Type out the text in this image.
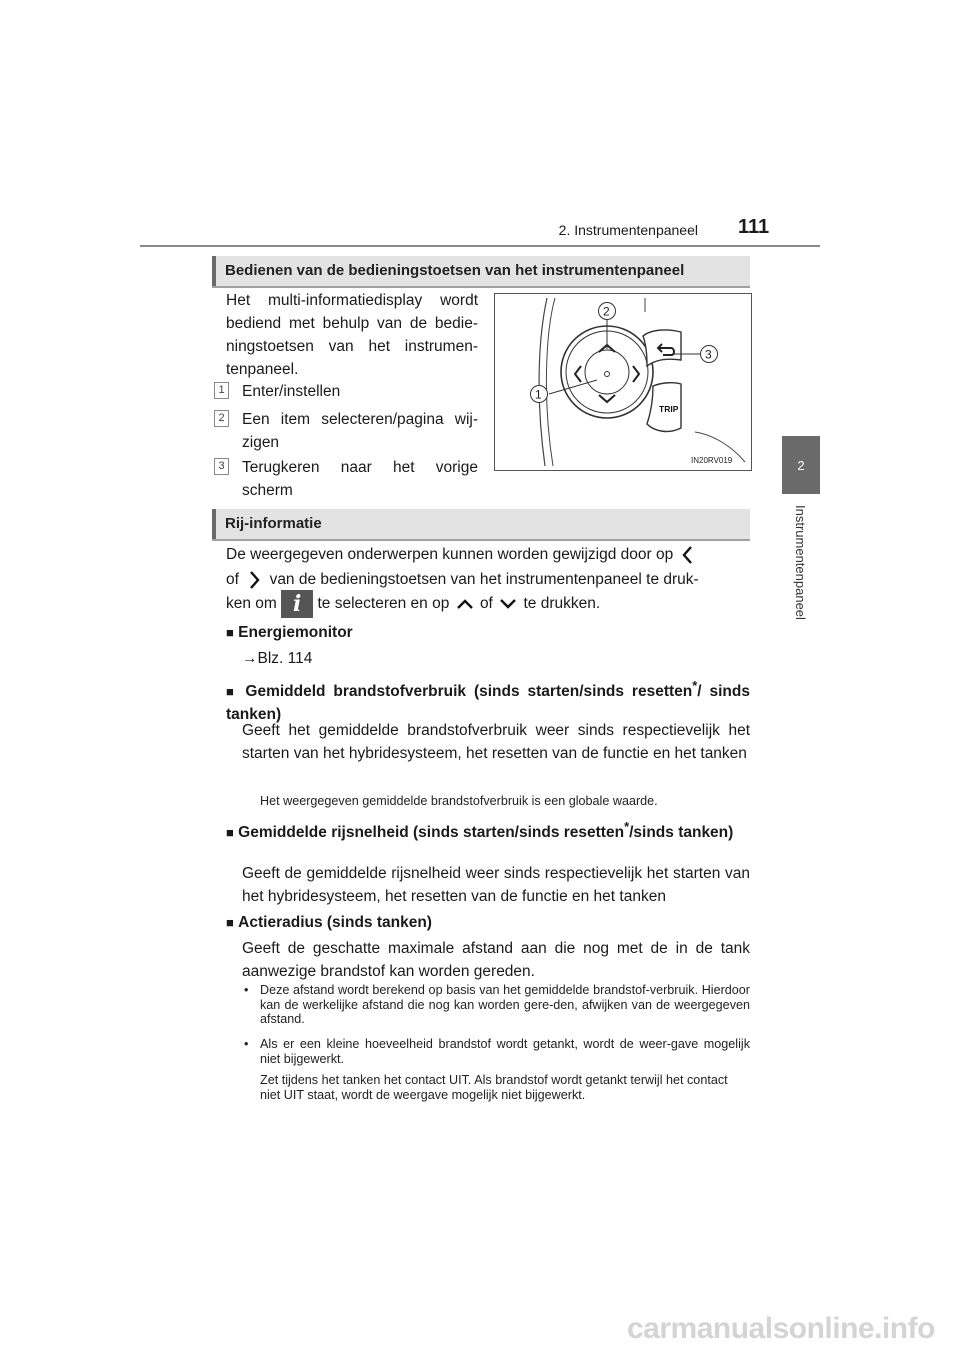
2. Instrumentenpaneel 111
2
Instrumentenpaneel
Bedienen van de bedieningstoetsen van het instrumentenpaneel
Het multi-informatiedisplay wordt bediend met behulp van de bedie-ningstoetsen van het instrumen-tenpaneel.
1 Enter/instellen
2 Een item selecteren/pagina wij-zigen
3 Terugkeren naar het vorige scherm
TRIP
2
3
1
IN20RV019
Rij-informatie
De weergegeven onderwerpen kunnen worden gewijzigd door op
of van de bedieningstoetsen van het instrumentenpaneel te druk-
ken om i te selecteren en op of te drukken.
■ Energiemonitor
→Blz. 114
■ Gemiddeld brandstofverbruik (sinds starten/sinds resetten*/ sinds tanken)
Geeft het gemiddelde brandstofverbruik weer sinds respectievelijk het starten van het hybridesysteem, het resetten van de functie en het tanken
Het weergegeven gemiddelde brandstofverbruik is een globale waarde.
■ Gemiddelde rijsnelheid (sinds starten/sinds resetten*/sinds tanken)
Geeft de gemiddelde rijsnelheid weer sinds respectievelijk het starten van het hybridesysteem, het resetten van de functie en het tanken
■ Actieradius (sinds tanken)
Geeft de geschatte maximale afstand aan die nog met de in de tank aanwezige brandstof kan worden gereden.
• Deze afstand wordt berekend op basis van het gemiddelde brandstof-verbruik. Hierdoor kan de werkelijke afstand die nog kan worden gere-den, afwijken van de weergegeven afstand.
• Als er een kleine hoeveelheid brandstof wordt getankt, wordt de weer-gave mogelijk niet bijgewerkt.
Zet tijdens het tanken het contact UIT. Als brandstof wordt getankt terwijl het contact niet UIT staat, wordt de weergave mogelijk niet bijgewerkt.
carmanualsonline.info
